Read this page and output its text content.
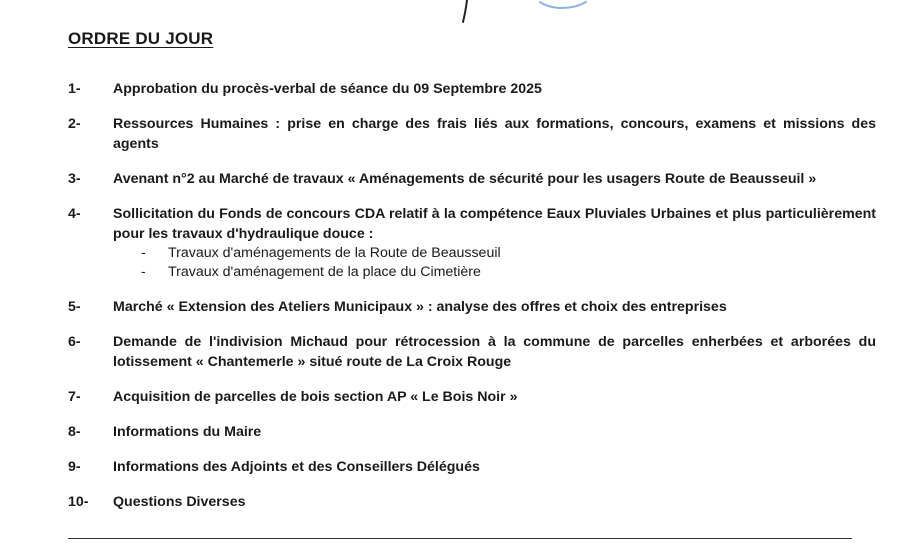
ORDRE DU JOUR
1-	Approbation du procès-verbal de séance du 09 Septembre 2025
2-	Ressources Humaines : prise en charge des frais liés aux formations, concours, examens et missions des agents
3-	Avenant n°2 au Marché de travaux « Aménagements de sécurité pour les usagers Route de Beausseuil »
4-	Sollicitation du Fonds de concours CDA relatif à la compétence Eaux Pluviales Urbaines et plus particulièrement pour les travaux d'hydraulique douce :
-	Travaux d'aménagements de la Route de Beausseuil
-	Travaux d'aménagement de la place du Cimetière
5-	Marché « Extension des Ateliers Municipaux » : analyse des offres et choix des entreprises
6-	Demande de l'indivision Michaud pour rétrocession à la commune de parcelles enherbées et arborées du lotissement « Chantemerle » situé route de La Croix Rouge
7-	Acquisition de parcelles de bois section AP « Le Bois Noir »
8-	Informations du Maire
9-	Informations des Adjoints et des Conseillers Délégués
10-	Questions Diverses
